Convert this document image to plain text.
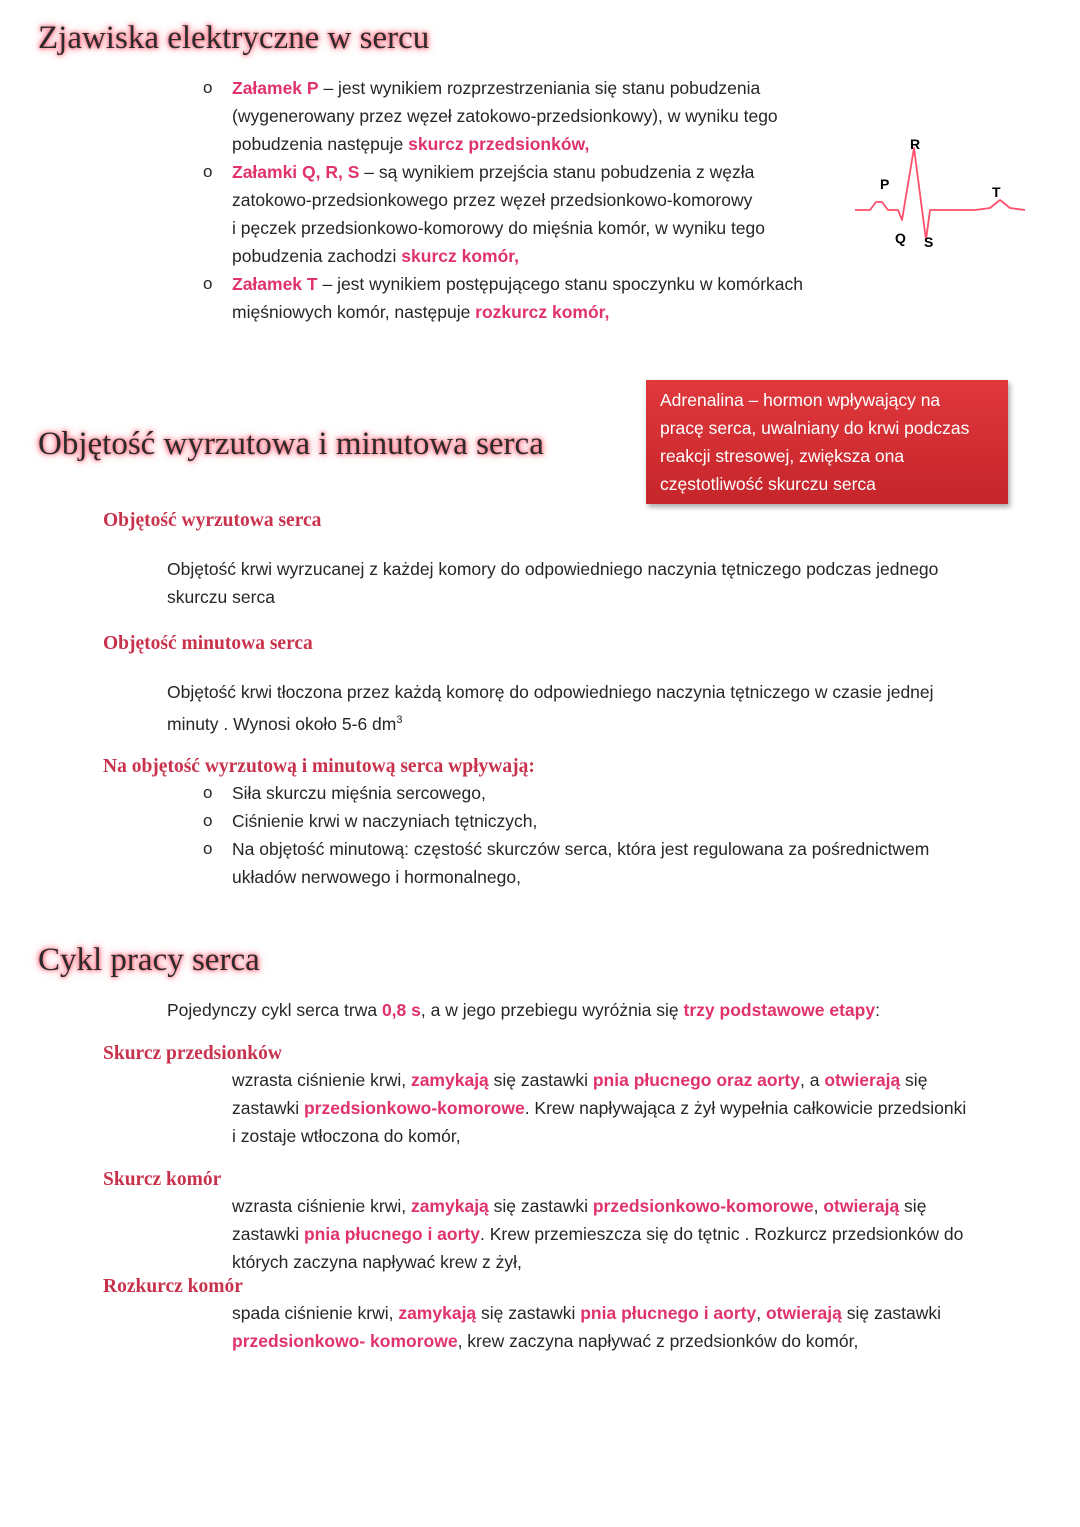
Zjawiska elektryczne w sercu
o Załamek P – jest wynikiem rozprzestrzeniania się stanu pobudzenia
(wygenerowany przez węzeł zatokowo-przedsionkowy), w wyniku tego
pobudzenia następuje skurcz przedsionków,
o Załamki Q, R, S – są wynikiem przejścia stanu pobudzenia z węzła
zatokowo-przedsionkowego przez węzeł przedsionkowo-komorowy
i pęczek przedsionkowo-komorowy do mięśnia komór, w wyniku tego
pobudzenia zachodzi skurcz komór,
o Załamek T – jest wynikiem postępującego stanu spoczynku w komórkach
mięśniowych komór, następuje rozkurcz komór,
P
R
T
Q S
Adrenalina – hormon wpływający na
pracę serca, uwalniany do krwi podczas
reakcji stresowej, zwiększa ona
częstotliwość skurczu serca
Objętość wyrzutowa i minutowa serca
Objętość wyrzutowa serca
Objętość krwi wyrzucanej z każdej komory do odpowiedniego naczynia tętniczego podczas jednego
skurczu serca
Objętość minutowa serca
Objętość krwi tłoczona przez każdą komorę do odpowiedniego naczynia tętniczego w czasie jednej
minuty . Wynosi około 5-6 $dm^3$
Na objętość wyrzutową i minutową serca wpływają:
o Siła skurczu mięśnia sercowego,
o Ciśnienie krwi w naczyniach tętniczych,
o Na objętość minutową: częstość skurczów serca, która jest regulowana za pośrednictwem
układów nerwowego i hormonalnego,
Cykl pracy serca
Pojedynczy cykl serca trwa 0,8 s, a w jego przebiegu wyróżnia się trzy podstawowe etapy:
Skurcz przedsionków
wzrasta ciśnienie krwi, zamykają się zastawki pnia płucnego oraz aorty, a otwierają się
zastawki przedsionkowo-komorowe. Krew napływająca z żył wypełnia całkowicie przedsionki
i zostaje wtłoczona do komór,
Skurcz komór
wzrasta ciśnienie krwi, zamykają się zastawki przedsionkowo-komorowe, otwierają się
zastawki pnia płucnego i aorty. Krew przemieszcza się do tętnic . Rozkurcz przedsionków do
których zaczyna napływać krew z żył,
Rozkurcz komór
spada ciśnienie krwi, zamykają się zastawki pnia płucnego i aorty, otwierają się zastawki
przedsionkowo- komorowe, krew zaczyna napływać z przedsionków do komór,
